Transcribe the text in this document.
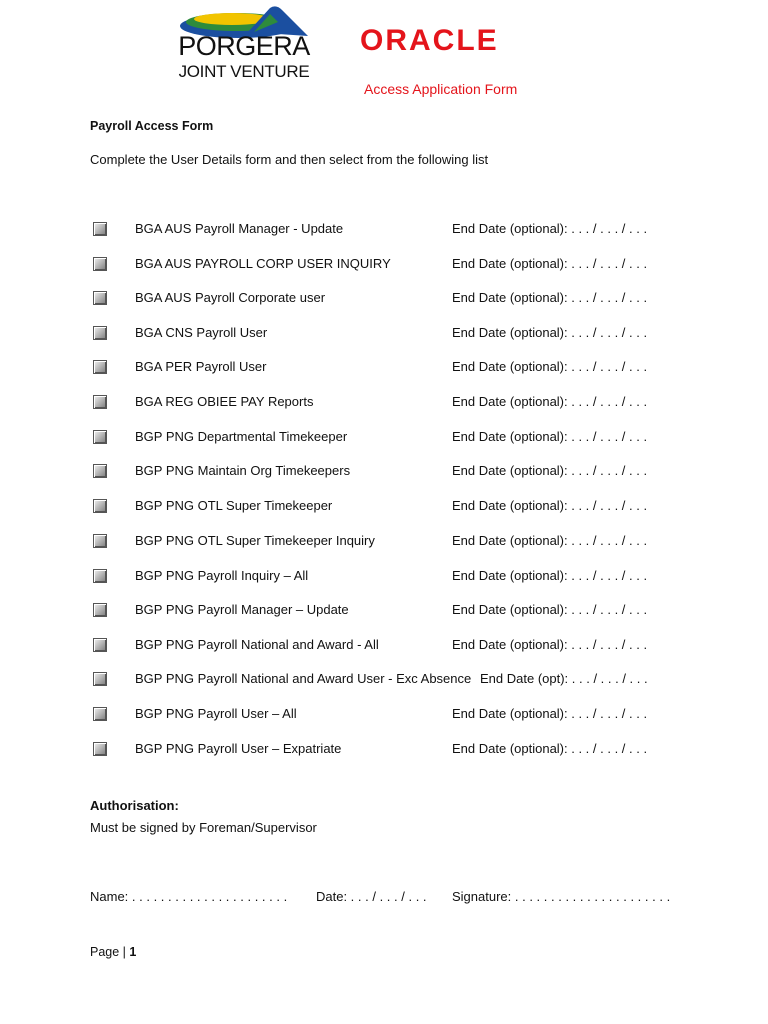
PORGERA
JOINT VENTURE
ORACLE
Access Application Form
Payroll Access Form
Complete the User Details form and then select from the following list
BGA AUS Payroll Manager - Update	End Date (optional): . . . / . . . / . . .
BGA AUS PAYROLL CORP USER INQUIRY	End Date (optional): . . . / . . . / . . .
BGA AUS Payroll Corporate user	End Date (optional): . . . / . . . / . . .
BGA CNS Payroll User	End Date (optional): . . . / . . . / . . .
BGA PER Payroll User	End Date (optional): . . . / . . . / . . .
BGA REG OBIEE PAY Reports	End Date (optional): . . . / . . . / . . .
BGP PNG Departmental Timekeeper	End Date (optional): . . . / . . . / . . .
BGP PNG Maintain Org Timekeepers	End Date (optional): . . . / . . . / . . .
BGP PNG OTL Super Timekeeper	End Date (optional): . . . / . . . / . . .
BGP PNG OTL Super Timekeeper Inquiry	End Date (optional): . . . / . . . / . . .
BGP PNG Payroll Inquiry – All	End Date (optional): . . . / . . . / . . .
BGP PNG Payroll Manager – Update	End Date (optional): . . . / . . . / . . .
BGP PNG Payroll National and Award - All	End Date (optional): . . . / . . . / . . .
BGP PNG Payroll National and Award User - Exc Absence End Date (opt): . . . / . . . / . . .
BGP PNG Payroll User – All	End Date (optional): . . . / . . . / . . .
BGP PNG Payroll User – Expatriate	End Date (optional): . . . / . . . / . . .
Authorisation:
Must be signed by Foreman/Supervisor
Name: . . . . . . . . . . . . . . . . . . . . . . Date: . . . / . . . / . . . Signature: . . . . . . . . . . . . . . . . . . . . . .
Page | 1
